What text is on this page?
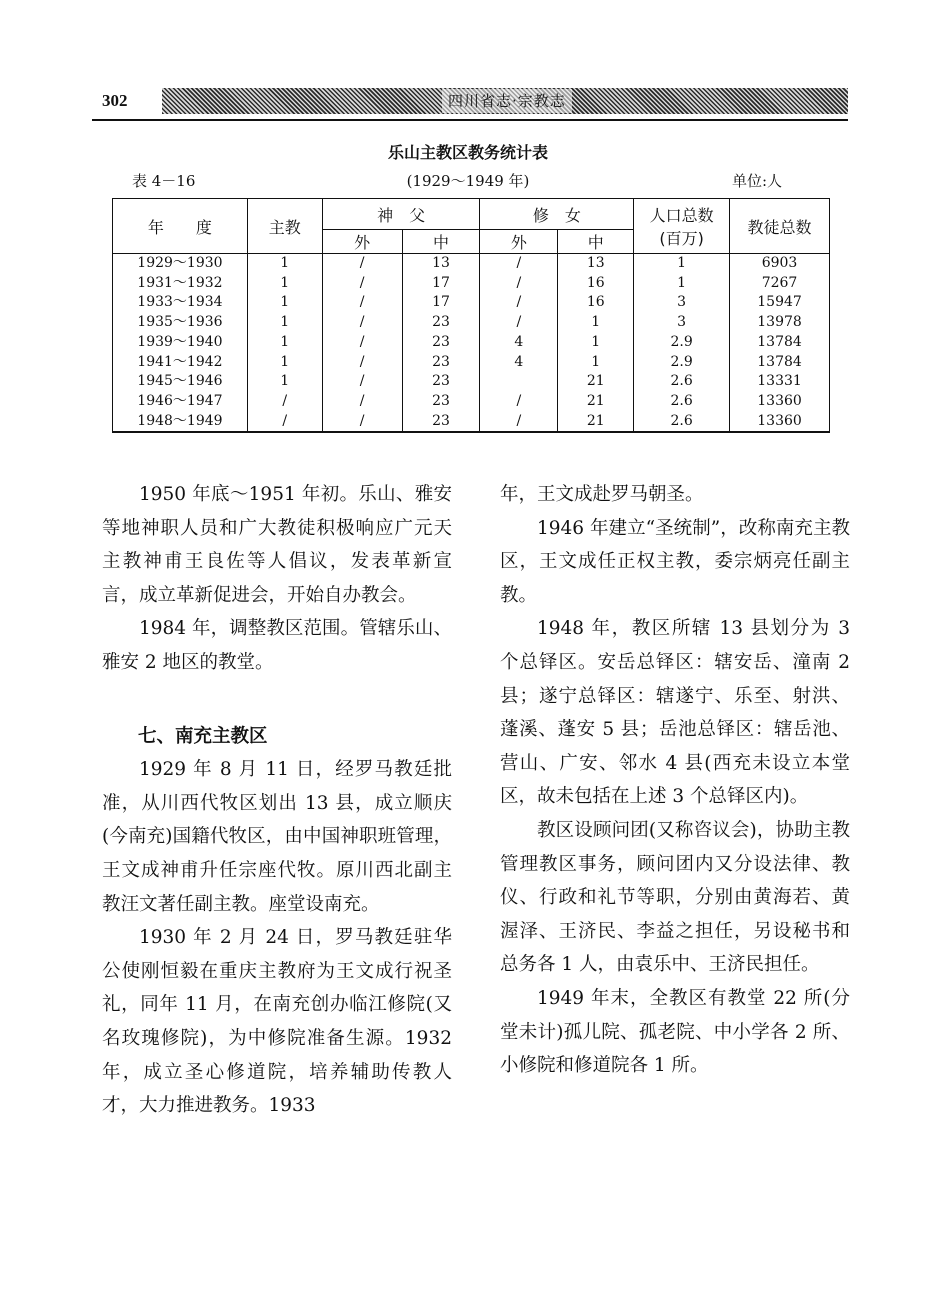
302	四川省志·宗教志
乐山主教区教务统计表
表 4－16	(1929～1949 年)	单位:人
年　　度	主教	神　父		修　女		人口总数
(百万)	教徒总数
		外	中	外	中		
1929～1930	1	/	13	/	13	1	6903
1931～1932	1	/	17	/	16	1	7267
1933～1934	1	/	17	/	16	3	15947
1935～1936	1	/	23	/	1	3	13978
1939～1940	1	/	23	4	1	2.9	13784
1941～1942	1	/	23	4	1	2.9	13784
1945～1946	1	/	23		21	2.6	13331
1946～1947	/	/	23	/	21	2.6	13360
1948～1949	/	/	23	/	21	2.6	13360

1950 年底～1951 年初。乐山、雅安等地神职人员和广大教徒积极响应广元天主教神甫王良佐等人倡议，发表革新宣言，成立革新促进会，开始自办教会。

1984 年，调整教区范围。管辖乐山、雅安 2 地区的教堂。

七、南充主教区

1929 年 8 月 11 日，经罗马教廷批准，从川西代牧区划出 13 县，成立顺庆(今南充)国籍代牧区，由中国神职班管理，王文成神甫升任宗座代牧。原川西北副主教汪文著任副主教。座堂设南充。

1930 年 2 月 24 日，罗马教廷驻华公使刚恒毅在重庆主教府为王文成行祝圣礼，同年 11 月，在南充创办临江修院(又名玫瑰修院)，为中修院准备生源。1932 年，成立圣心修道院，培养辅助传教人才，大力推进教务。1933

年，王文成赴罗马朝圣。

1946 年建立“圣统制”，改称南充主教区，王文成任正权主教，委宗炳亮任副主教。

1948 年，教区所辖 13 县划分为 3 个总铎区。安岳总铎区：辖安岳、潼南 2 县；遂宁总铎区：辖遂宁、乐至、射洪、蓬溪、蓬安 5 县；岳池总铎区：辖岳池、营山、广安、邻水 4 县(西充未设立本堂区，故未包括在上述 3 个总铎区内)。

教区设顾问团(又称咨议会)，协助主教管理教区事务，顾问团内又分设法律、教仪、行政和礼节等职，分别由黄海若、黄渥泽、王济民、李益之担任，另设秘书和总务各 1 人，由袁乐中、王济民担任。

1949 年末，全教区有教堂 22 所(分堂未计)孤儿院、孤老院、中小学各 2 所、小修院和修道院各 1 所。
